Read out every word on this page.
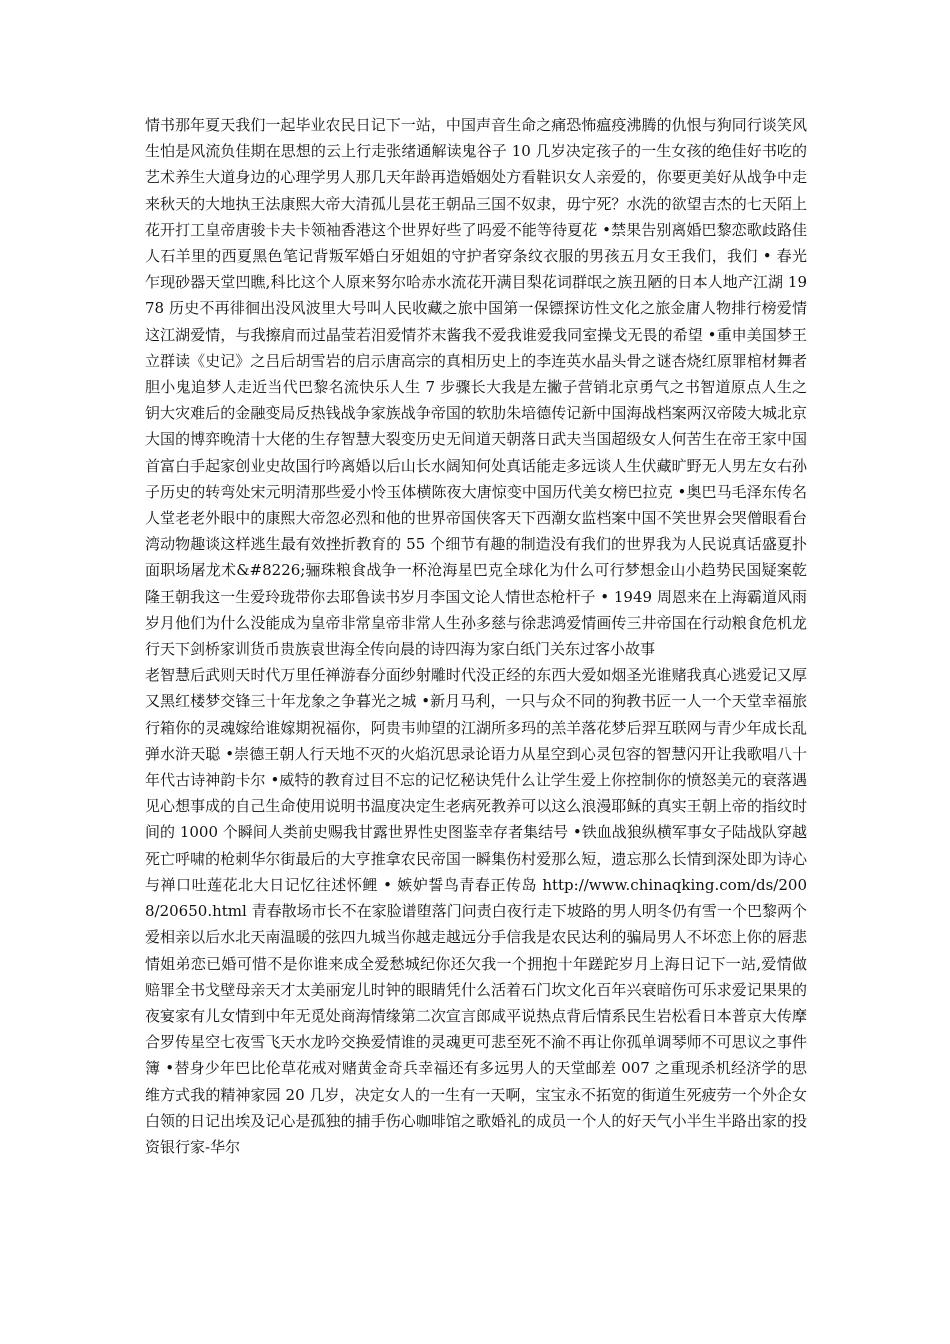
情书那年夏天我们一起毕业农民日记下一站，中国声音生命之痛恐怖瘟疫沸腾的仇恨与狗同行谈笑风生怕是风流负佳期在思想的云上行走张绪通解读鬼谷子 10 几岁决定孩子的一生女孩的绝佳好书吃的艺术养生大道身边的心理学男人那几天年龄再造婚姻处方看鞋识女人亲爱的，你要更美好从战争中走来秋天的大地执王法康熙大帝大清孤儿昙花王朝品三国不奴隶，毋宁死？水洗的欲望吉杰的七天陌上花开打工皇帝唐骏卡夫卡领袖香港这个世界好些了吗爱不能等待夏花 •禁果告别离婚巴黎恋歌歧路佳人石羊里的西夏黑色笔记背叛军婚白牙姐姐的守护者穿条纹衣服的男孩五月女王我们，我们 • 春光乍现砂器天堂凹瞧,科比这个人原来努尔哈赤水流花开满目梨花词群氓之族丑陋的日本人地产江湖 1978 历史不再徘徊出没风波里大号叫人民收藏之旅中国第一保镖探访性文化之旅金庸人物排行榜爱情这江湖爱情，与我擦肩而过晶莹若泪爱情芥末酱我不爱我谁爱我同室操戈无畏的希望 •重申美国梦王立群读《史记》之吕后胡雪岩的启示唐高宗的真相历史上的李连英水晶头骨之谜杏烧红原罪棺材舞者胆小鬼追梦人走近当代巴黎名流快乐人生 7 步骤长大我是左撇子营销北京勇气之书智道原点人生之钥大灾难后的金融变局反热钱战争家族战争帝国的软肋朱培德传记新中国海战档案两汉帝陵大城北京大国的博弈晚清十大佬的生存智慧大裂变历史无间道天朝落日武夫当国超级女人何苦生在帝王家中国首富白手起家创业史故国行吟离婚以后山长水阔知何处真话能走多远谈人生伏藏旷野无人男左女右孙子历史的转弯处宋元明清那些爱小怜玉体横陈夜大唐惊变中国历代美女榜巴拉克 •奥巴马毛泽东传名人堂老老外眼中的康熙大帝忽必烈和他的世界帝国侠客天下西潮女监档案中国不笑世界会哭僧眼看台湾动物趣谈这样逃生最有效挫折教育的 55 个细节有趣的制造没有我们的世界我为人民说真话盛夏扑面职场屠龙术&#8226;骊珠粮食战争一杯沧海星巴克全球化为什么可行梦想金山小趋势民国疑案乾隆王朝我这一生爱玲珑带你去耶鲁读书岁月李国文论人情世态枪杆子 • 1949 周恩来在上海霸道风雨岁月他们为什么没能成为皇帝非常皇帝非常人生孙多慈与徐悲鸿爱情画传三井帝国在行动粮食危机龙行天下剑桥家训货币贵族袁世海全传向晨的诗四海为家白纸门关东过客小故事

老智慧后武则天时代万里任禅游春分面纱射雕时代没正经的东西大爱如烟圣光谁赌我真心逃爱记又厚又黑红楼梦交锋三十年龙象之争暮光之城 •新月马利，一只与众不同的狗教书匠一人一个天堂幸福旅行箱你的灵魂嫁给谁嫁期祝福你，阿贵韦帅望的江湖所多玛的羔羊落花梦后羿互联网与青少年成长乱弹水浒天聪 •崇德王朝人行天地不灭的火焰沉思录论语力从星空到心灵包容的智慧闪开让我歌唱八十年代古诗神韵卡尔 •威特的教育过目不忘的记忆秘诀凭什么让学生爱上你控制你的愤怒美元的衰落遇见心想事成的自己生命使用说明书温度决定生老病死教养可以这么浪漫耶稣的真实王朝上帝的指纹时间的 1000 个瞬间人类前史赐我甘露世界性史图鉴幸存者集结号 •铁血战狼纵横军事女子陆战队穿越死亡呼啸的枪刺华尔街最后的大亨推拿农民帝国一瞬集伤村爱那么短，遗忘那么长情到深处即为诗心与禅口吐莲花北大日记忆往述怀鲤 • 嫉妒誓鸟青春正传岛 http://www.chinaqking.com/ds/2008/20650.html 青春散场市长不在家脸谱堕落门问责白夜行走下坡路的男人明冬仍有雪一个巴黎两个爱相亲以后水北天南温暖的弦四九城当你越走越远分手信我是农民达利的骗局男人不坏恋上你的唇悲情姐弟恋已婚可惜不是你谁来成全爱愁城纪你还欠我一个拥抱十年蹉跎岁月上海日记下一站,爱情做赔罪全书戈壁母亲天才太美丽宠儿时钟的眼睛凭什么活着石门坎文化百年兴衰暗伤可乐求爱记果果的夜宴家有儿女情到中年无觅处商海情缘第二次宣言郎咸平说热点背后情系民生岩松看日本普京大传摩合罗传星空七夜雪飞天水龙吟交换爱情谁的灵魂更可悲至死不渝不再让你孤单调琴师不可思议之事件簿 •替身少年巴比伦草花戒对赌黄金奇兵幸福还有多远男人的天堂邮差 007 之重现杀机经济学的思维方式我的精神家园 20 几岁，决定女人的一生有一天啊，宝宝永不拓宽的街道生死疲劳一个外企女白领的日记出埃及记心是孤独的捕手伤心咖啡馆之歌婚礼的成员一个人的好天气小半生半路出家的投资银行家-华尔
